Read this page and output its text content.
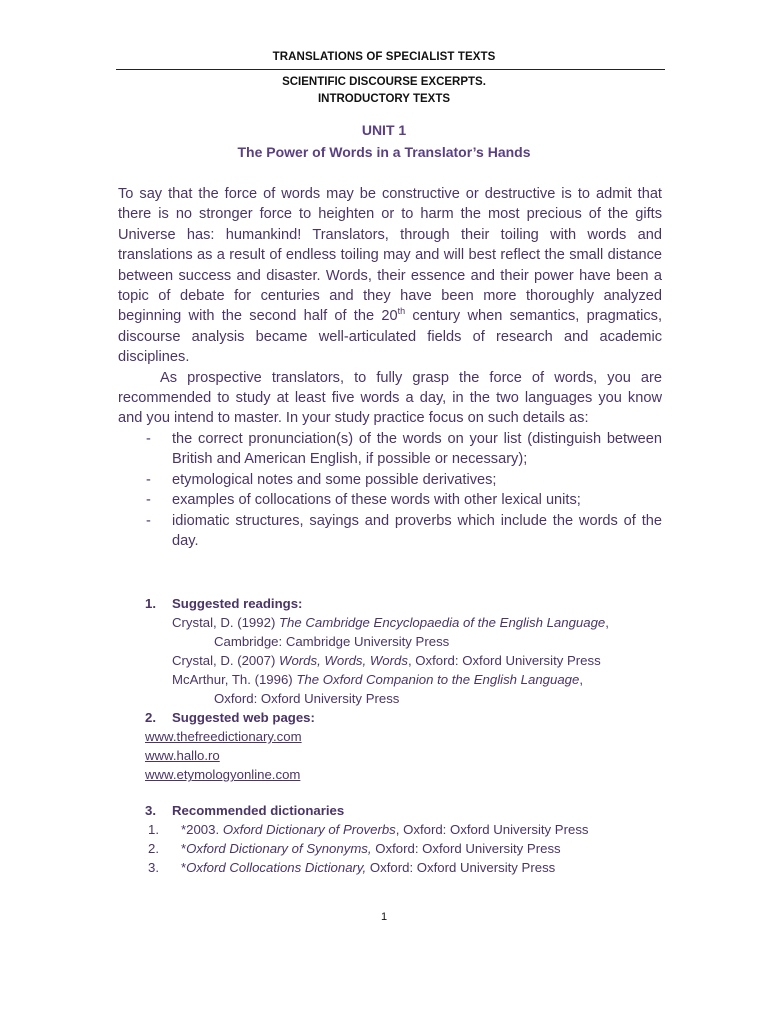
TRANSLATIONS OF SPECIALIST TEXTS
SCIENTIFIC DISCOURSE EXCERPTS.
INTRODUCTORY TEXTS
UNIT 1
The Power of Words in a Translator’s Hands

To say that the force of words may be constructive or destructive is to admit that there is no stronger force to heighten or to harm the most precious of the gifts Universe has: humankind! Translators, through their toiling with words and translations as a result of endless toiling may and will best reflect the small distance between success and disaster. Words, their essence and their power have been a topic of debate for centuries and they have been more thoroughly analyzed beginning with the second half of the 20th century when semantics, pragmatics, discourse analysis became well-articulated fields of research and academic disciplines.

As prospective translators, to fully grasp the force of words, you are recommended to study at least five words a day, in the two languages you know and you intend to master. In your study practice focus on such details as:

- the correct pronunciation(s) of the words on your list (distinguish between British and American English, if possible or necessary);
- etymological notes and some possible derivatives;
- examples of collocations of these words with other lexical units;
- idiomatic structures, sayings and proverbs which include the words of the day.
1. Suggested readings:
Crystal, D. (1992) The Cambridge Encyclopaedia of the English Language,
Cambridge: Cambridge University Press
Crystal, D. (2007) Words, Words, Words, Oxford: Oxford University Press
McArthur, Th. (1996) The Oxford Companion to the English Language,
Oxford: Oxford University Press
2. Suggested web pages:
www.thefreedictionary.com
www.hallo.ro
www.etymologyonline.com
3. Recommended dictionaries
1. *2003. Oxford Dictionary of Proverbs, Oxford: Oxford University Press
2. *Oxford Dictionary of Synonyms, Oxford: Oxford University Press
3. *Oxford Collocations Dictionary, Oxford: Oxford University Press
1
